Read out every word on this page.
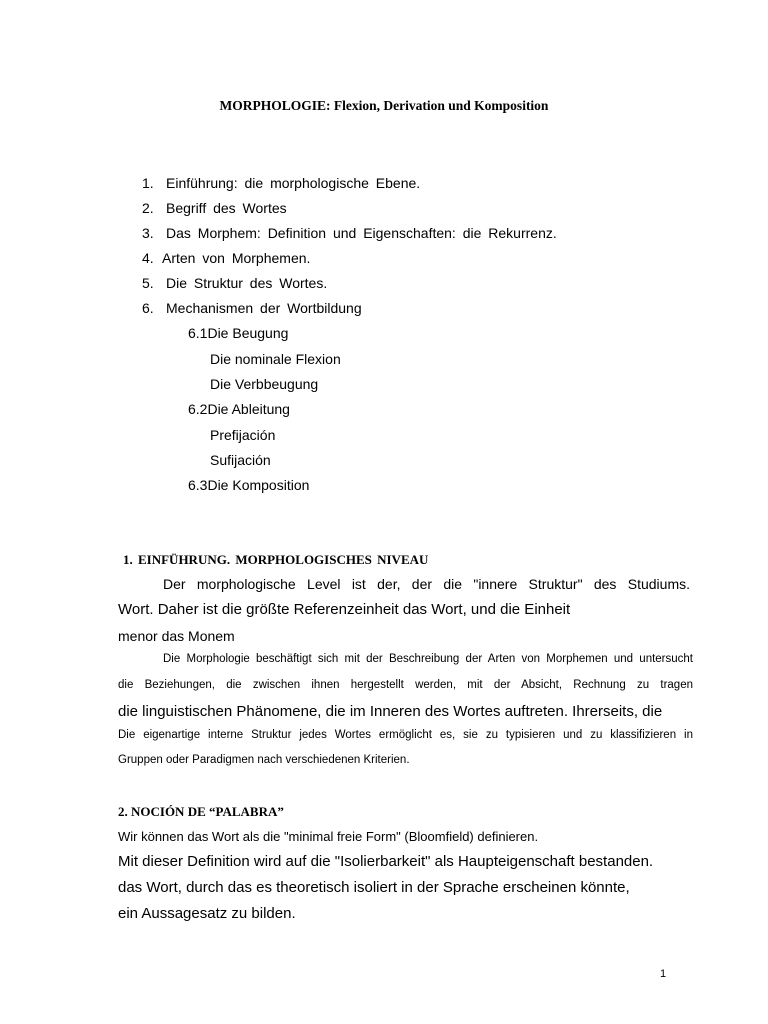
MORPHOLOGIE: Flexion, Derivation und Komposition
1. Einführung: die morphologische Ebene.
2. Begriff des Wortes
3. Das Morphem: Definition und Eigenschaften: die Rekurrenz.
4. Arten von Morphemen.
5. Die Struktur des Wortes.
6. Mechanismen der Wortbildung
6.1Die Beugung
Die nominale Flexion
Die Verbbeugung
6.2Die Ableitung
Prefijación
Sufijación
6.3Die Komposition
1. EINFÜHRUNG. MORPHOLOGISCHES NIVEAU
Der morphologische Level ist der, der die "innere Struktur" des Studiums.
Wort. Daher ist die größte Referenzeinheit das Wort, und die Einheit
menor das Monem
Die Morphologie beschäftigt sich mit der Beschreibung der Arten von Morphemen und untersucht
die Beziehungen, die zwischen ihnen hergestellt werden, mit der Absicht, Rechnung zu tragen
die linguistischen Phänomene, die im Inneren des Wortes auftreten. Ihrerseits, die
Die eigenartige interne Struktur jedes Wortes ermöglicht es, sie zu typisieren und zu klassifizieren in
Gruppen oder Paradigmen nach verschiedenen Kriterien.
2. NOCIÓN DE “PALABRA”
Wir können das Wort als die "minimal freie Form" (Bloomfield) definieren.
Mit dieser Definition wird auf die "Isolierbarkeit" als Haupteigenschaft bestanden.
das Wort, durch das es theoretisch isoliert in der Sprache erscheinen könnte,
ein Aussagesatz zu bilden.
1
